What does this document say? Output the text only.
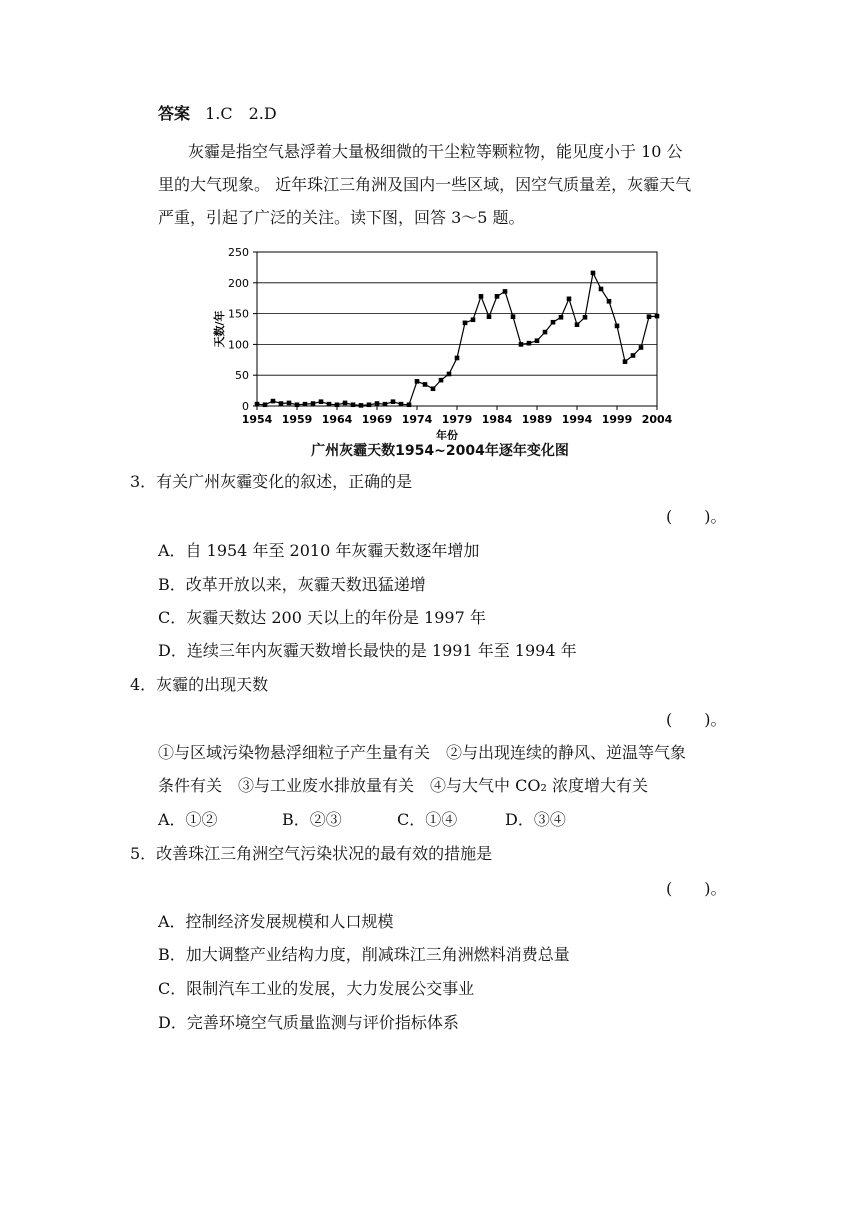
答案 1.C　2.D
灰霾是指空气悬浮着大量极细微的干尘粒等颗粒物，能见度小于 10 公
里的大气现象。 近年珠江三角洲及国内一些区域，因空气质量差，灰霾天气
严重，引起了广泛的关注。读下图，回答 3～5 题。
0
50
100
150
200
250
1954 1959 1964 1969 1974 1979 1984 1989 1994 1999 2004
年份
天数/年
广州灰霾天数1954~2004年逐年变化图
3．有关广州灰霾变化的叙述，正确的是
(　　)。
A．自 1954 年至 2010 年灰霾天数逐年增加
B．改革开放以来，灰霾天数迅猛递增
C．灰霾天数达 200 天以上的年份是 1997 年
D．连续三年内灰霾天数增长最快的是 1991 年至 1994 年
4．灰霾的出现天数
(　　)。
①与区域污染物悬浮细粒子产生量有关　②与出现连续的静风、逆温等气象
条件有关　③与工业废水排放量有关　④与大气中 CO₂ 浓度增大有关
A．①②	B．②③	C．①④	D．③④
5．改善珠江三角洲空气污染状况的最有效的措施是
(　　)。
A．控制经济发展规模和人口规模
B．加大调整产业结构力度，削减珠江三角洲燃料消费总量
C．限制汽车工业的发展，大力发展公交事业
D．完善环境空气质量监测与评价指标体系
